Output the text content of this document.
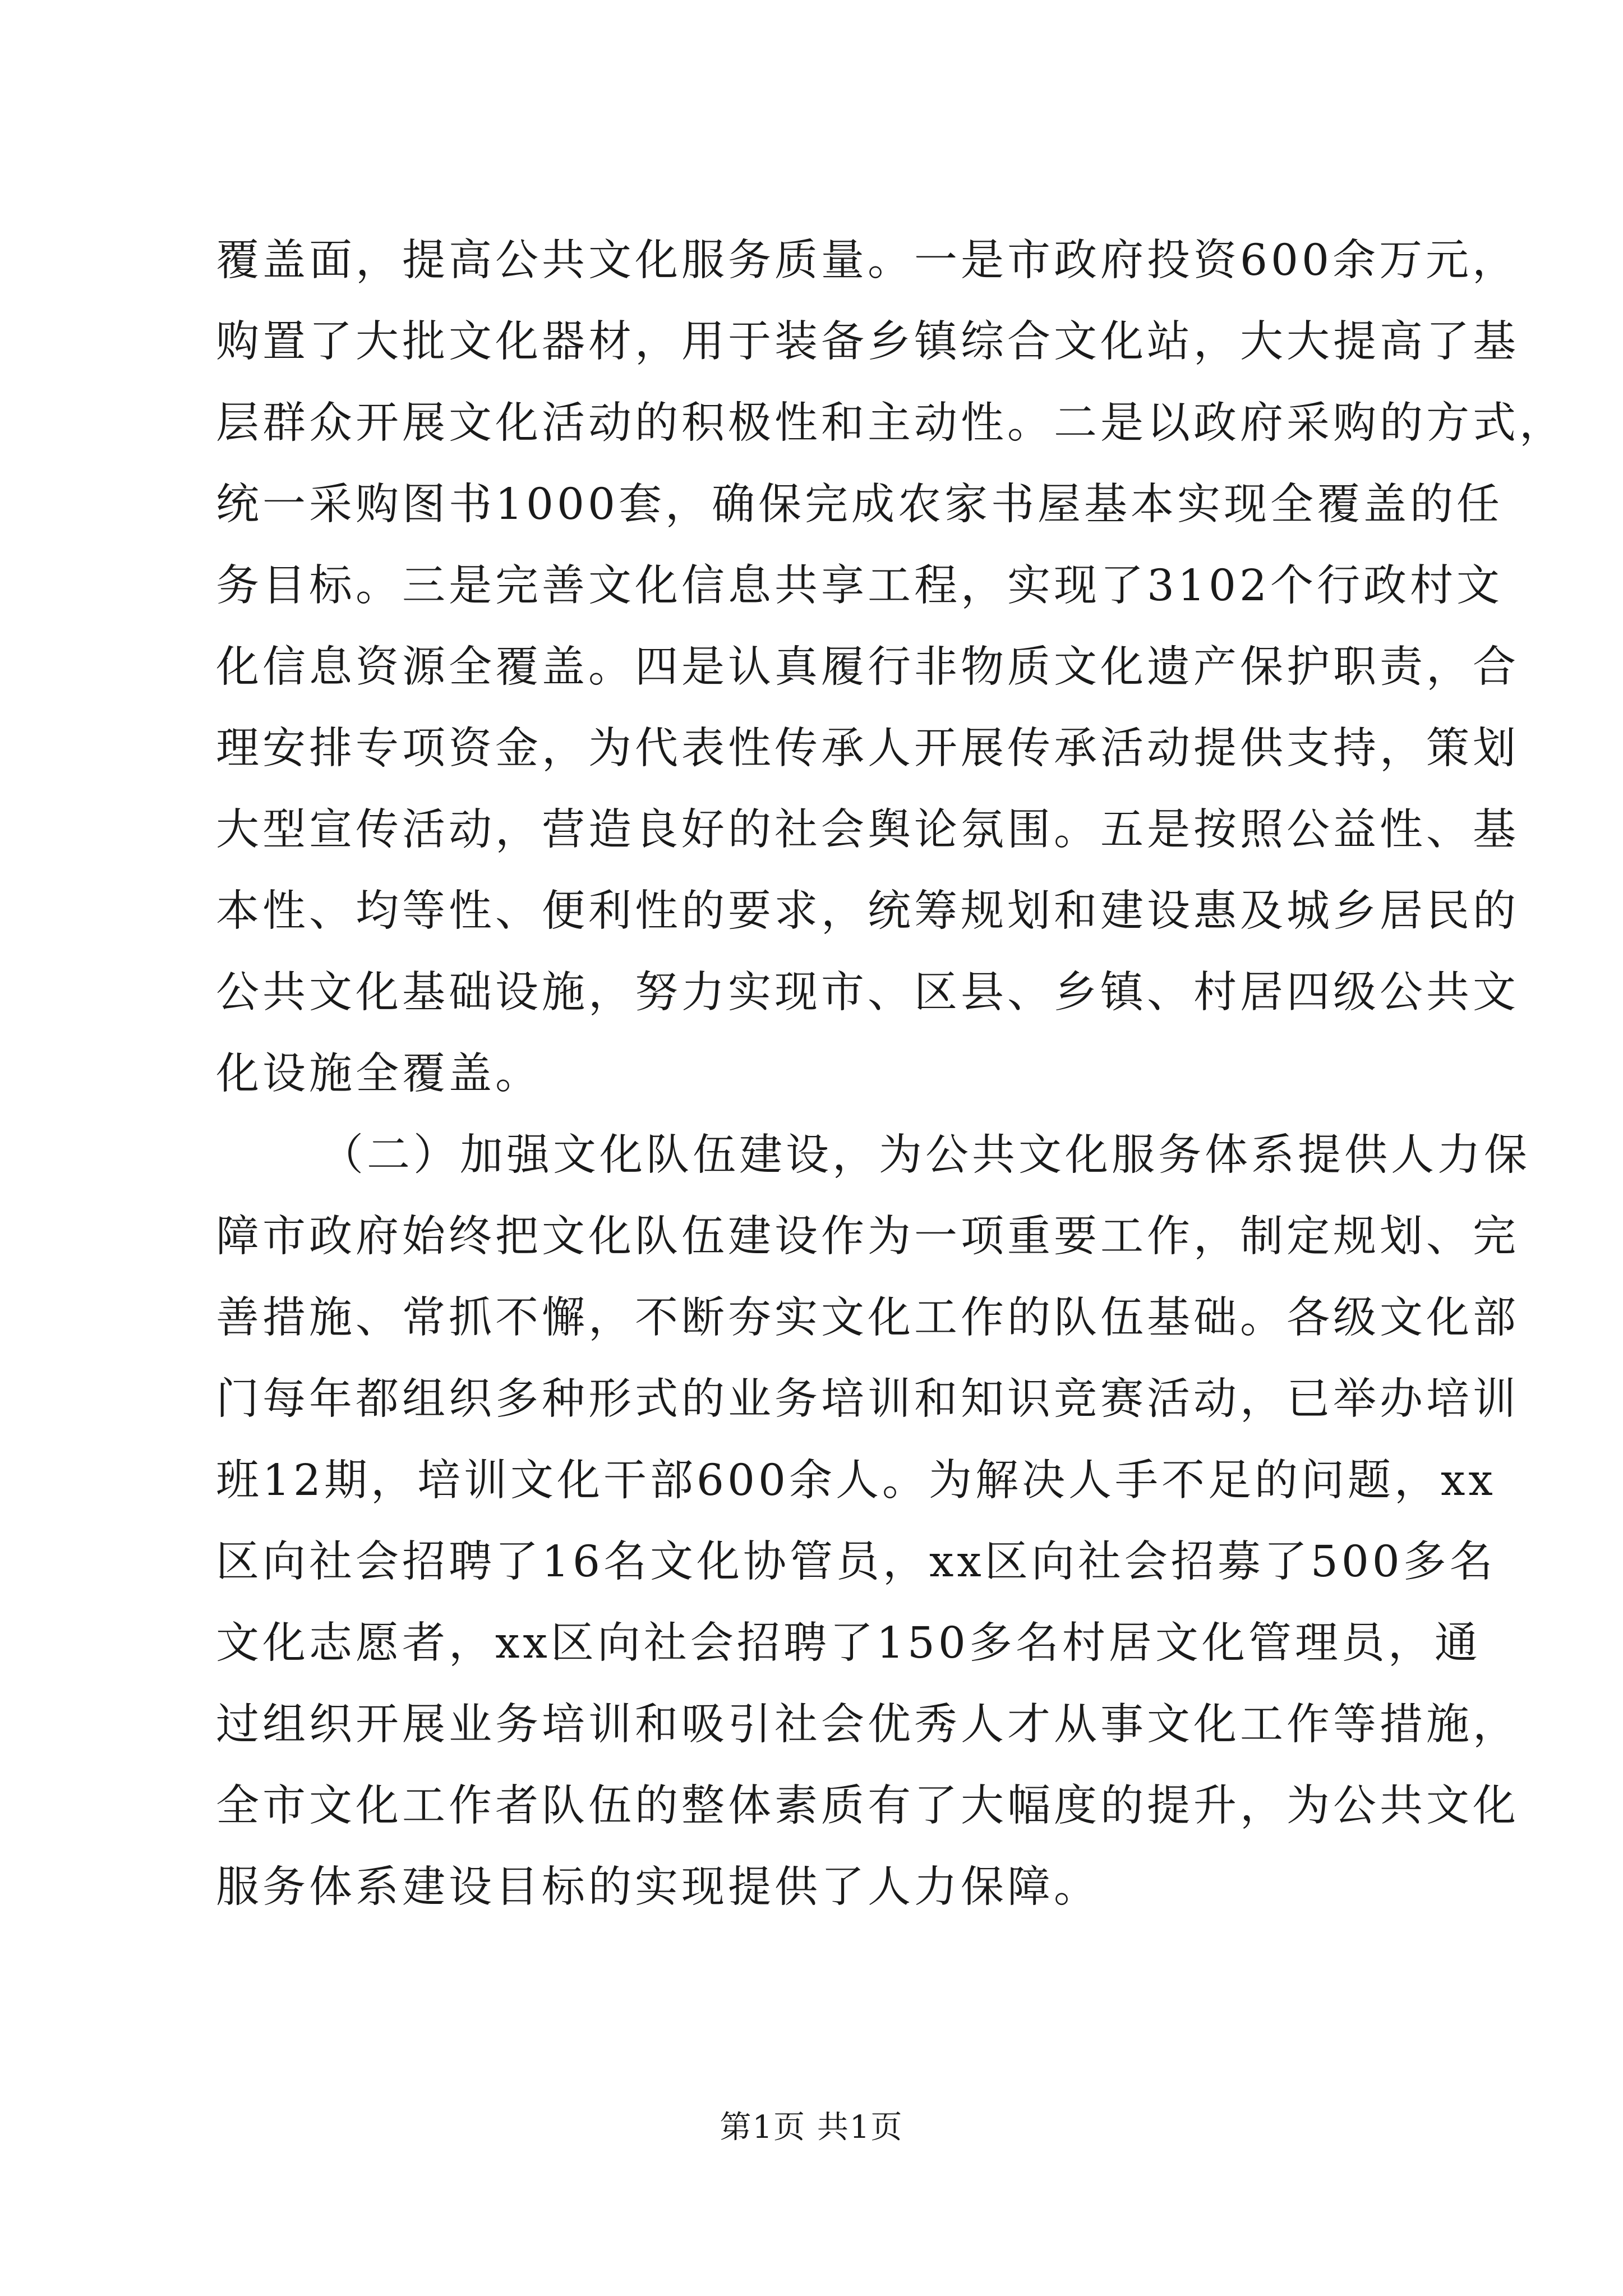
覆盖面，提高公共文化服务质量。一是市政府投资600余万元，
购置了大批文化器材，用于装备乡镇综合文化站，大大提高了基
层群众开展文化活动的积极性和主动性。二是以政府采购的方式，
统一采购图书1000套，确保完成农家书屋基本实现全覆盖的任
务目标。三是完善文化信息共享工程，实现了3102个行政村文
化信息资源全覆盖。四是认真履行非物质文化遗产保护职责，合
理安排专项资金，为代表性传承人开展传承活动提供支持，策划
大型宣传活动，营造良好的社会舆论氛围。五是按照公益性、基
本性、均等性、便利性的要求，统筹规划和建设惠及城乡居民的
公共文化基础设施，努力实现市、区县、乡镇、村居四级公共文
化设施全覆盖。
（二）加强文化队伍建设，为公共文化服务体系提供人力保
障市政府始终把文化队伍建设作为一项重要工作，制定规划、完
善措施、常抓不懈，不断夯实文化工作的队伍基础。各级文化部
门每年都组织多种形式的业务培训和知识竞赛活动，已举办培训
班12期，培训文化干部600余人。为解决人手不足的问题，xx
区向社会招聘了16名文化协管员，xx区向社会招募了500多名
文化志愿者，xx区向社会招聘了150多名村居文化管理员，通
过组织开展业务培训和吸引社会优秀人才从事文化工作等措施，
全市文化工作者队伍的整体素质有了大幅度的提升，为公共文化
服务体系建设目标的实现提供了人力保障。
第1页 共1页
